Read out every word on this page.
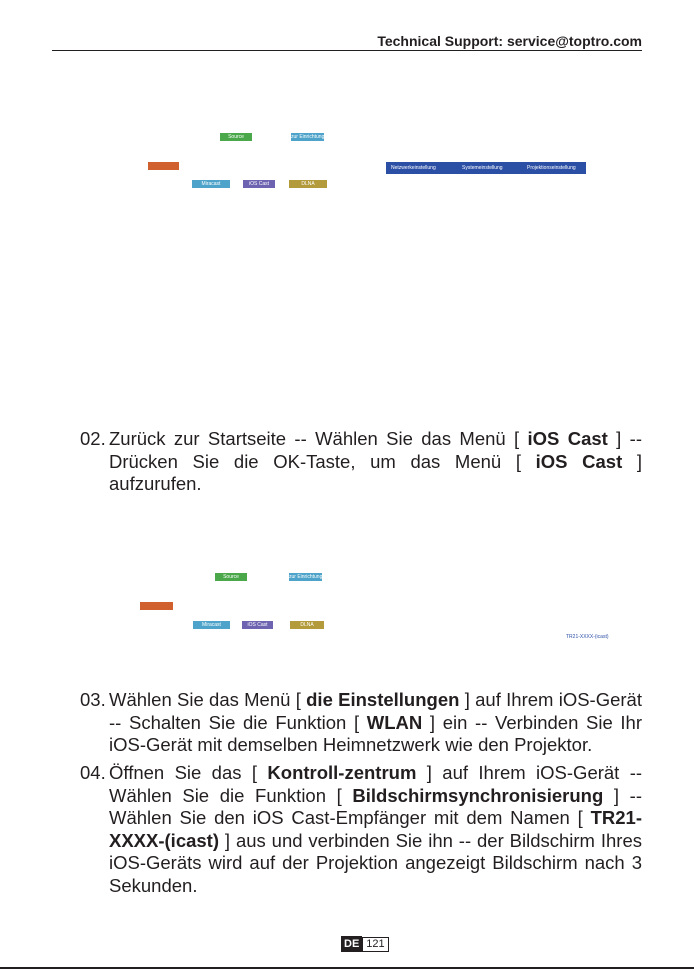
Technical Support: service@toptro.com
Source	zur Einrichtung
Miracast	iOS Cast	DLNA
Netzwerkeinstellung	Systemeinstellung	Projektionseinstellung
02. Zurück zur Startseite -- Wählen Sie das Menü [ iOS Cast ] -- Drücken Sie die OK-Taste, um das Menü [ iOS Cast ] aufzurufen.
Source	zur Einrichtung
Miracast	iOS Cast	DLNA
TR21-XXXX-(icast)
03. Wählen Sie das Menü [ die Einstellungen ] auf Ihrem iOS-Gerät -- Schalten Sie die Funktion [ WLAN ] ein -- Verbinden Sie Ihr iOS-Gerät mit demselben Heimnetzwerk wie den Projektor.
04. Öffnen Sie das [ Kontroll-zentrum ] auf Ihrem iOS-Gerät -- Wählen Sie die Funktion [ Bildschirmsynchronisierung ] -- Wählen Sie den iOS Cast-Empfänger mit dem Namen [ TR21-XXXX-(icast) ] aus und verbinden Sie ihn -- der Bildschirm Ihres iOS-Geräts wird auf der Projektion angezeigt Bildschirm nach 3 Sekunden.
DE 121
